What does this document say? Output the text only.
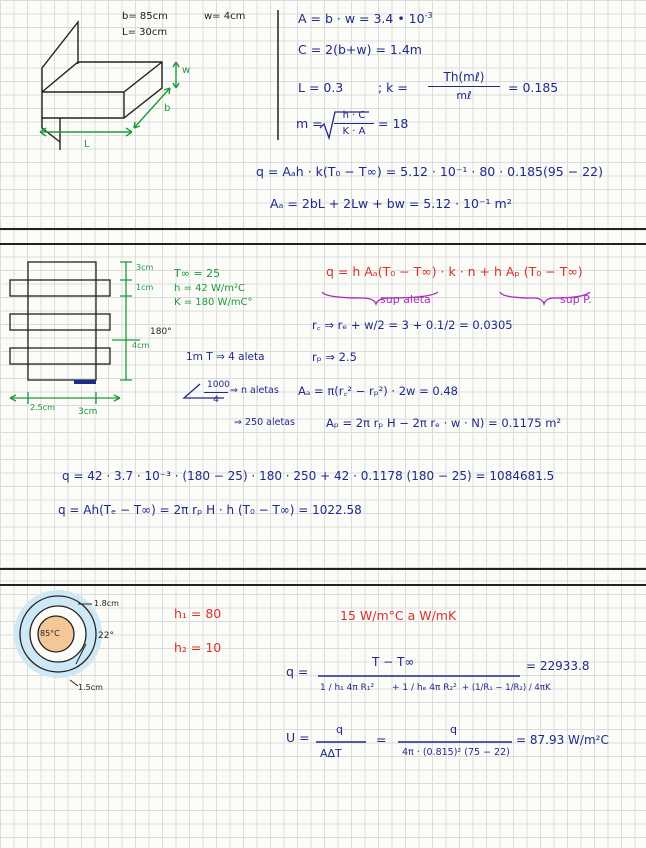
b= 85cm	w= 4cm
L= 30cm
w
b
L
A = b · w = 3.4 • $10^{-3}$
C = 2(b+w) = 1.4m
L = 0.3	; k =
Th(mℓ)
mℓ
= 0.185
$m = \frac{h \cdot C}{K \cdot A} = 18$
q = Aₐh · k(T₀ − T∞) = 5.12 · 10⁻¹ · 80 · 0.185(95 − 22)
Aₐ = 2bL + 2Lw + bw = 5.12 · 10⁻¹ m²
3cm
1cm
4cm
180°
2.5cm	3cm
T∞ = 25
h = 42 W/m²C
K = 180 W/mC°
q = h Aₐ(T₀ − T∞) · k · n + h Aₚ (T₀ − T∞)
sup aleta	sup P.
r꜀ ⇒ rₑ + w/2 = 3 + 0.1/2 = 0.0305
1m T ⇒ 4 aleta	rₚ ⇒ 2.5
$\frac{1000}{4}$ ⇒ n aletas
⇒ 250 aletas
Aₐ = π(r꜀² − rₚ²) · 2w = 0.48
Aₚ = 2π rₚ H − 2π rₑ · w · N) = 0.1175 m²
q = 42 · 3.7 · 10⁻³ · (180 − 25) · 180 · 250 + 42 · 0.1178 (180 − 25) = 1084681.5
q = Ah(Tₑ − T∞) = 2π rₚ H · h (T₀ − T∞) = 1022.58
1.8cm
85°C	22°
1.5cm
h₁ = 80
h₂ = 10
15 W/m°C a W/mK
q =
T − T∞
1 / h₁ 4π R₁² + 1 / hₑ 4π R₂² + (1/R₁ − 1/R₂) / 4πK
= 22933.8
U =
q
AΔT
=
q
4π · (0.815)² (75 − 22)
= 87.93 W/m²C
